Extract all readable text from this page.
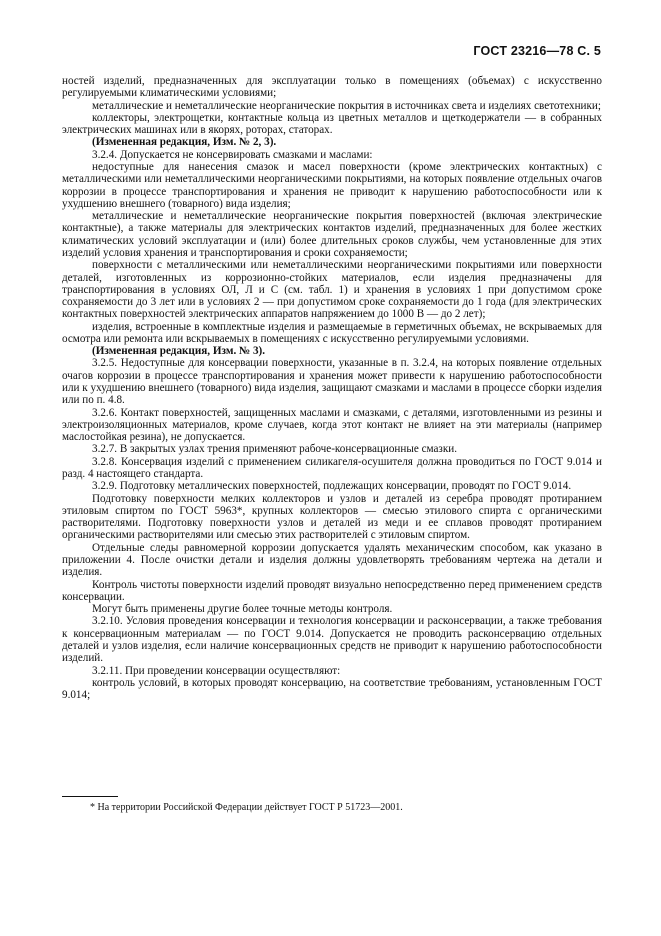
ГОСТ 23216—78 С. 5

ностей изделий, предназначенных для эксплуатации только в помещениях (объемах) с искусственно регулируемыми климатическими условиями;

металлические и неметаллические неорганические покрытия в источниках света и изделиях светотехники;

коллекторы, электрощетки, контактные кольца из цветных металлов и щеткодержатели — в собранных электрических машинах или в якорях, роторах, статорах.

(Измененная редакция, Изм. № 2, 3).

3.2.4. Допускается не консервировать смазками и маслами:

недоступные для нанесения смазок и масел поверхности (кроме электрических контактных) с металлическими или неметаллическими неорганическими покрытиями, на которых появление отдельных очагов коррозии в процессе транспортирования и хранения не приводит к нарушению работоспособности или к ухудшению внешнего (товарного) вида изделия;

металлические и неметаллические неорганические покрытия поверхностей (включая электрические контактные), а также материалы для электрических контактов изделий, предназначенных для более жестких климатических условий эксплуатации и (или) более длительных сроков службы, чем установленные для этих изделий условия хранения и транспортирования и сроки сохраняемости;

поверхности с металлическими или неметаллическими неорганическими покрытиями или поверхности деталей, изготовленных из коррозионно-стойких материалов, если изделия предназначены для транспортирования в условиях ОЛ, Л и С (см. табл. 1) и хранения в условиях 1 при допустимом сроке сохраняемости до 3 лет или в условиях 2 — при допустимом сроке сохраняемости до 1 года (для электрических контактных поверхностей электрических аппаратов напряжением до 1000 В — до 2 лет);

изделия, встроенные в комплектные изделия и размещаемые в герметичных объемах, не вскрываемых для осмотра или ремонта или вскрываемых в помещениях с искусственно регулируемыми условиями.

(Измененная редакция, Изм. № 3).

3.2.5. Недоступные для консервации поверхности, указанные в п. 3.2.4, на которых появление отдельных очагов коррозии в процессе транспортирования и хранения может привести к нарушению работоспособности или к ухудшению внешнего (товарного) вида изделия, защищают смазками и маслами в процессе сборки изделия или по п. 4.8.

3.2.6. Контакт поверхностей, защищенных маслами и смазками, с деталями, изготовленными из резины и электроизоляционных материалов, кроме случаев, когда этот контакт не влияет на эти материалы (например маслостойкая резина), не допускается.

3.2.7. В закрытых узлах трения применяют рабоче-консервационные смазки.

3.2.8. Консервация изделий с применением силикагеля-осушителя должна проводиться по ГОСТ 9.014 и разд. 4 настоящего стандарта.

3.2.9. Подготовку металлических поверхностей, подлежащих консервации, проводят по ГОСТ 9.014.

Подготовку поверхности мелких коллекторов и узлов и деталей из серебра проводят протиранием этиловым спиртом по ГОСТ 5963*, крупных коллекторов — смесью этилового спирта с органическими растворителями. Подготовку поверхности узлов и деталей из меди и ее сплавов проводят протиранием органическими растворителями или смесью этих растворителей с этиловым спиртом.

Отдельные следы равномерной коррозии допускается удалять механическим способом, как указано в приложении 4. После очистки детали и изделия должны удовлетворять требованиям чертежа на детали и изделия.

Контроль чистоты поверхности изделий проводят визуально непосредственно перед применением средств консервации.

Могут быть применены другие более точные методы контроля.

3.2.10. Условия проведения консервации и технология консервации и расконсервации, а также требования к консервационным материалам — по ГОСТ 9.014. Допускается не проводить расконсервацию отдельных деталей и узлов изделия, если наличие консервационных средств не приводит к нарушению работоспособности изделий.

3.2.11. При проведении консервации осуществляют:

контроль условий, в которых проводят консервацию, на соответствие требованиям, установленным ГОСТ 9.014;

* На территории Российской Федерации действует ГОСТ Р 51723—2001.
